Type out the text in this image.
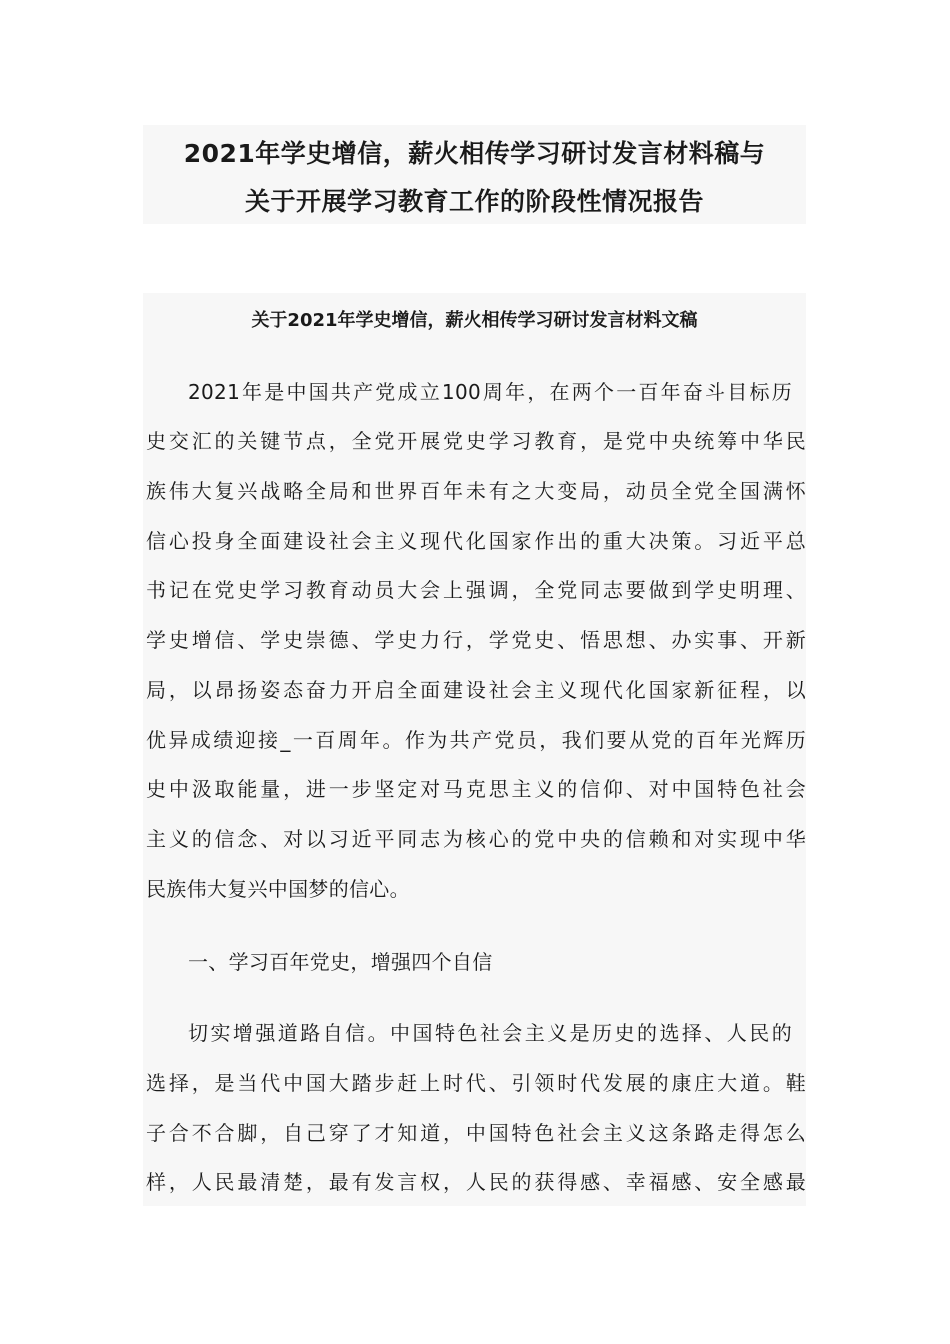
2021年学史增信，薪火相传学习研讨发言材料稿与
关于开展学习教育工作的阶段性情况报告
关于2021年学史增信，薪火相传学习研讨发言材料文稿
2021年是中国共产党成立100周年，在两个一百年奋斗目标历
史交汇的关键节点，全党开展党史学习教育，是党中央统筹中华民
族伟大复兴战略全局和世界百年未有之大变局，动员全党全国满怀
信心投身全面建设社会主义现代化国家作出的重大决策。习近平总
书记在党史学习教育动员大会上强调，全党同志要做到学史明理、
学史增信、学史崇德、学史力行，学党史、悟思想、办实事、开新
局，以昂扬姿态奋力开启全面建设社会主义现代化国家新征程，以
优异成绩迎接_一百周年。作为共产党员，我们要从党的百年光辉历
史中汲取能量，进一步坚定对马克思主义的信仰、对中国特色社会
主义的信念、对以习近平同志为核心的党中央的信赖和对实现中华
民族伟大复兴中国梦的信心。
一、学习百年党史，增强四个自信
切实增强道路自信。中国特色社会主义是历史的选择、人民的
选择，是当代中国大踏步赶上时代、引领时代发展的康庄大道。鞋
子合不合脚，自己穿了才知道，中国特色社会主义这条路走得怎么
样，人民最清楚，最有发言权，人民的获得感、幸福感、安全感最
